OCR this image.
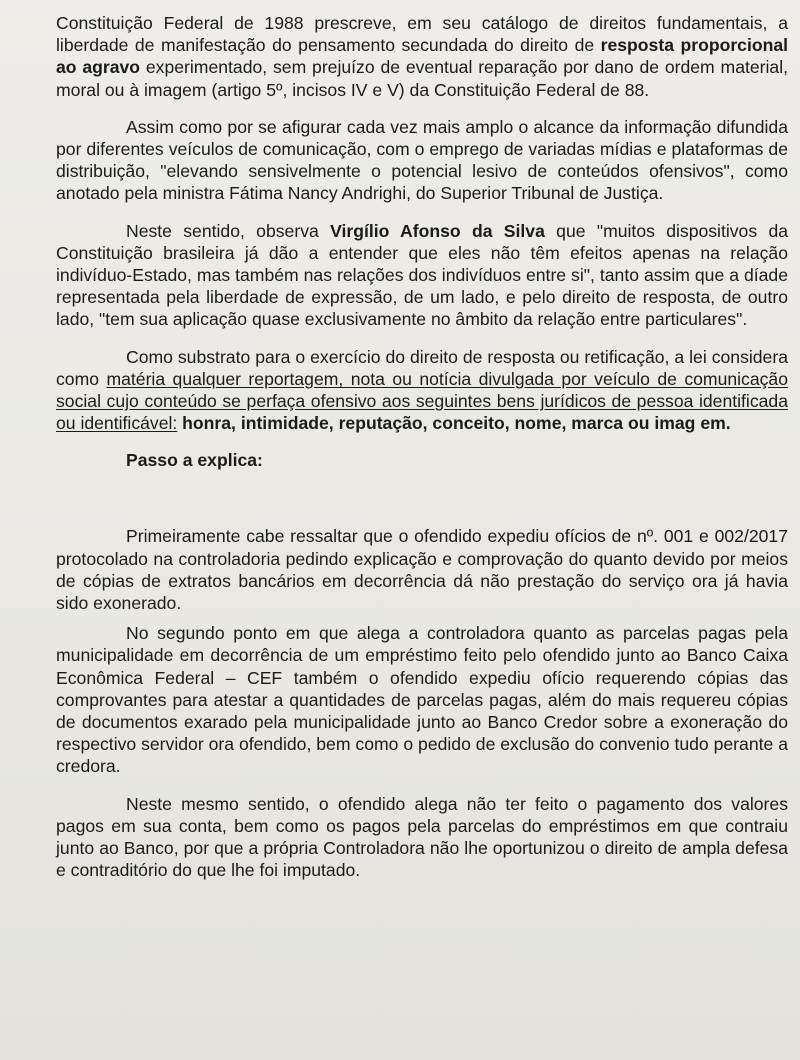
Constituição Federal de 1988 prescreve, em seu catálogo de direitos fundamentais, a liberdade de manifestação do pensamento secundada do direito de resposta proporcional ao agravo experimentado, sem prejuízo de eventual reparação por dano de ordem material, moral ou à imagem (artigo 5º, incisos IV e V) da Constituição Federal de 88.

Assim como por se afigurar cada vez mais amplo o alcance da informação difundida por diferentes veículos de comunicação, com o emprego de variadas mídias e plataformas de distribuição, "elevando sensivelmente o potencial lesivo de conteúdos ofensivos", como anotado pela ministra Fátima Nancy Andrighi, do Superior Tribunal de Justiça.

Neste sentido, observa Virgílio Afonso da Silva que "muitos dispositivos da Constituição brasileira já dão a entender que eles não têm efeitos apenas na relação indivíduo-Estado, mas também nas relações dos indivíduos entre si", tanto assim que a díade representada pela liberdade de expressão, de um lado, e pelo direito de resposta, de outro lado, "tem sua aplicação quase exclusivamente no âmbito da relação entre particulares".

Como substrato para o exercício do direito de resposta ou retificação, a lei considera como matéria qualquer reportagem, nota ou notícia divulgada por veículo de comunicação social cujo conteúdo se perfaça ofensivo aos seguintes bens jurídicos de pessoa identificada ou identificável: honra, intimidade, reputação, conceito, nome, marca ou imag em.

Passo a explica:

Primeiramente cabe ressaltar que o ofendido expediu ofícios de nº. 001 e 002/2017 protocolado na controladoria pedindo explicação e comprovação do quanto devido por meios de cópias de extratos bancários em decorrência dá não prestação do serviço ora já havia sido exonerado.

No segundo ponto em que alega a controladora quanto as parcelas pagas pela municipalidade em decorrência de um empréstimo feito pelo ofendido junto ao Banco Caixa Econômica Federal – CEF também o ofendido expediu ofício requerendo cópias das comprovantes para atestar a quantidades de parcelas pagas, além do mais requereu cópias de documentos exarado pela municipalidade junto ao Banco Credor sobre a exoneração do respectivo servidor ora ofendido, bem como o pedido de exclusão do convenio tudo perante a credora.

Neste mesmo sentido, o ofendido alega não ter feito o pagamento dos valores pagos em sua conta, bem como os pagos pela parcelas do empréstimos em que contraiu junto ao Banco, por que a própria Controladora não lhe oportunizou o direito de ampla defesa e contraditório do que lhe foi imputado.
